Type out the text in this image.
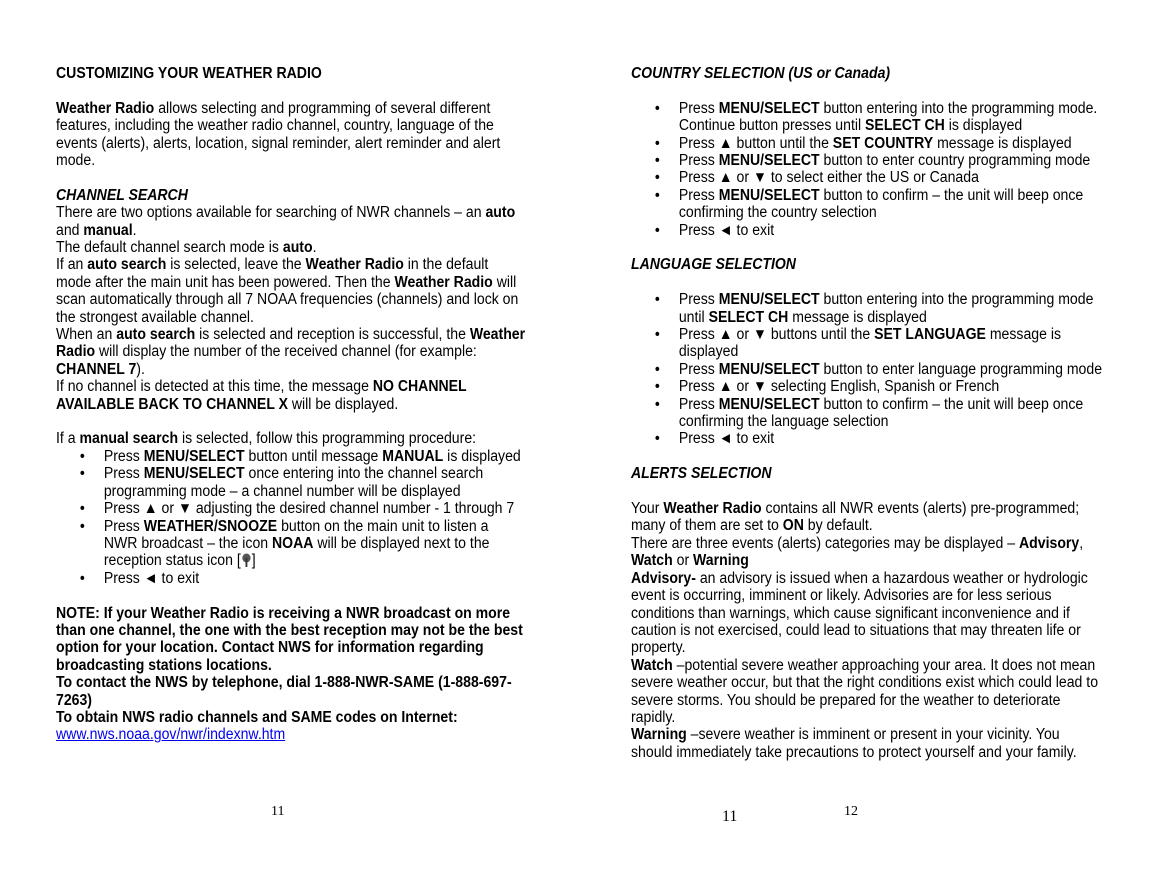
CUSTOMIZING YOUR WEATHER RADIO

Weather Radio allows selecting and programming of several different features, including the weather radio channel, country, language of the events (alerts), alerts, location, signal reminder, alert reminder and alert mode.

CHANNEL SEARCH

There are two options available for searching of NWR channels – an auto and manual.

The default channel search mode is auto.

If an auto search is selected, leave the Weather Radio in the default mode after the main unit has been powered. Then the Weather Radio will scan automatically through all 7 NOAA frequencies (channels) and lock on the strongest available channel.

When an auto search is selected and reception is successful, the Weather Radio will display the number of the received channel (for example: CHANNEL 7).

If no channel is detected at this time, the message NO CHANNEL AVAILABLE BACK TO CHANNEL X will be displayed.

If a manual search is selected, follow this programming procedure:

• Press MENU/SELECT button until message MANUAL is displayed
• Press MENU/SELECT once entering into the channel search programming mode – a channel number will be displayed
• Press ▲ or ▼ adjusting the desired channel number - 1 through 7
• Press WEATHER/SNOOZE button on the main unit to listen a NWR broadcast – the icon NOAA will be displayed next to the reception status icon [ ]
• Press ◄ to exit

NOTE: If your Weather Radio is receiving a NWR broadcast on more than one channel, the one with the best reception may not be the best option for your location. Contact NWS for information regarding broadcasting stations locations.

To contact the NWS by telephone, dial 1-888-NWR-SAME (1-888-697-7263)

To obtain NWS radio channels and SAME codes on Internet:

www.nws.noaa.gov/nwr/indexnw.htm

11

COUNTRY SELECTION (US or Canada)

• Press MENU/SELECT button entering into the programming mode. Continue button presses until SELECT CH is displayed
• Press ▲ button until the SET COUNTRY message is displayed
• Press MENU/SELECT button to enter country programming mode
• Press ▲ or ▼ to select either the US or Canada
• Press MENU/SELECT button to confirm – the unit will beep once confirming the country selection
• Press ◄ to exit

LANGUAGE SELECTION

• Press MENU/SELECT button entering into the programming mode until SELECT CH message is displayed
• Press ▲ or ▼ buttons until the SET LANGUAGE message is displayed
• Press MENU/SELECT button to enter language programming mode
• Press ▲ or ▼ selecting English, Spanish or French
• Press MENU/SELECT button to confirm – the unit will beep once confirming the language selection
• Press ◄ to exit

ALERTS SELECTION

Your Weather Radio contains all NWR events (alerts) pre-programmed; many of them are set to ON by default.

There are three events (alerts) categories may be displayed – Advisory, Watch or Warning

Advisory- an advisory is issued when a hazardous weather or hydrologic event is occurring, imminent or likely. Advisories are for less serious conditions than warnings, which cause significant inconvenience and if caution is not exercised, could lead to situations that may threaten life or property.

Watch –potential severe weather approaching your area. It does not mean severe weather occur, but that the right conditions exist which could lead to severe storms. You should be prepared for the weather to deteriorate rapidly.

Warning –severe weather is imminent or present in your vicinity. You should immediately take precautions to protect yourself and your family.

11	12
